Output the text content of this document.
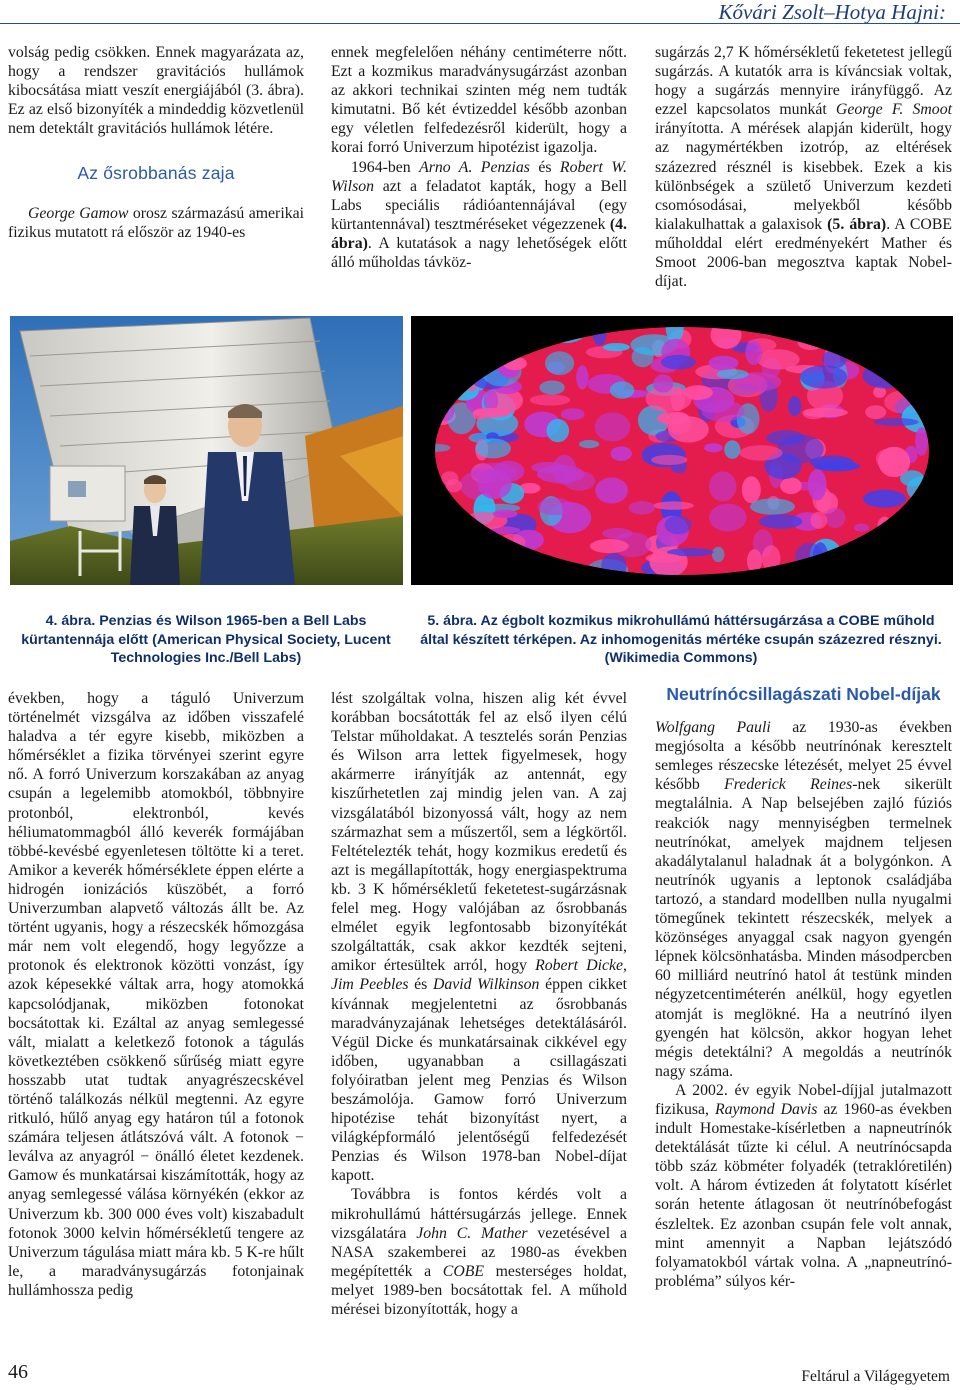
Kővári Zsolt–Hotya Hajni:

volság pedig csökken. Ennek magyarázata az, hogy a rendszer gravitációs hullámok kibocsátása miatt veszít energiájából (3. ábra). Ez az első bizonyíték a mindeddig közvetlenül nem detektált gravitációs hullámok létére.

Az ősrobbanás zaja

George Gamow orosz származású amerikai fizikus mutatott rá először az 1940-es

ennek megfelelően néhány centiméterre nőtt. Ezt a kozmikus maradványsugárzást azonban az akkori technikai szinten még nem tudták kimutatni. Bő két évtizeddel később azonban egy véletlen felfedezésről kiderült, hogy a korai forró Univerzum hipotézist igazolja.

1964-ben Arno A. Penzias és Robert W. Wilson azt a feladatot kapták, hogy a Bell Labs speciális rádióantennájával (egy kürtantennával) tesztméréseket végezzenek (4. ábra). A kutatások a nagy lehetőségek előtt álló műholdas távköz-

sugárzás 2,7 K hőmérsékletű feketetest jellegű sugárzás. A kutatók arra is kíváncsiak voltak, hogy a sugárzás mennyire irányfüggő. Az ezzel kapcsolatos munkát George F. Smoot irányította. A mérések alapján kiderült, hogy az nagymértékben izotróp, az eltérések százezred résznél is kisebbek. Ezek a kis különbségek a születő Univerzum kezdeti csomósodásai, melyekből később kialakulhattak a galaxisok (5. ábra). A COBE műholddal elért eredményekért Mather és Smoot 2006-ban megosztva kaptak Nobel-díjat.

4. ábra. Penzias és Wilson 1965-ben a Bell Labs kürtantennája előtt (American Physical Society, Lucent Technologies Inc./Bell Labs)
5. ábra. Az égbolt kozmikus mikrohullámú háttérsugárzása a COBE műhold által készített térképen. Az inhomogenitás mértéke csupán százezred résznyi. (Wikimedia Commons)

években, hogy a táguló Univerzum történelmét vizsgálva az időben visszafelé haladva a tér egyre kisebb, miközben a hőmérséklet a fizika törvényei szerint egyre nő. A forró Univerzum korszakában az anyag csupán a legelemibb atomokból, többnyire protonból, elektronból, kevés héliumatommagból álló keverék formájában többé-kevésbé egyenletesen töltötte ki a teret. Amikor a keverék hőmérséklete éppen elérte a hidrogén ionizációs küszöbét, a forró Univerzumban alapvető változás állt be. Az történt ugyanis, hogy a részecskék hőmozgása már nem volt elegendő, hogy legyőzze a protonok és elektronok közötti vonzást, így azok képesekké váltak arra, hogy atomokká kapcsolódjanak, miközben fotonokat bocsátottak ki. Ezáltal az anyag semlegessé vált, mialatt a keletkező fotonok a tágulás következtében csökkenő sűrűség miatt egyre hosszabb utat tudtak anyagrészecskével történő találkozás nélkül megtenni. Az egyre ritkuló, hűlő anyag egy határon túl a fotonok számára teljesen átlátszóvá vált. A fotonok − leválva az anyagról − önálló életet kezdenek. Gamow és munkatársai kiszámították, hogy az anyag semlegessé válása környékén (ekkor az Univerzum kb. 300 000 éves volt) kiszabadult fotonok 3000 kelvin hőmérsékletű tengere az Univerzum tágulása miatt mára kb. 5 K-re hűlt le, a maradványsugárzás fotonjainak hullámhossza pedig

lést szolgáltak volna, hiszen alig két évvel korábban bocsátották fel az első ilyen célú Telstar műholdakat. A tesztelés során Penzias és Wilson arra lettek figyelmesek, hogy akármerre irányítják az antennát, egy kiszűrhetetlen zaj mindig jelen van. A zaj vizsgálatából bizonyossá vált, hogy az nem származhat sem a műszertől, sem a légkörtől. Feltételezték tehát, hogy kozmikus eredetű és azt is megállapították, hogy energiaspektruma kb. 3 K hőmérsékletű feketetest-sugárzásnak felel meg. Hogy valójában az ősrobbanás elmélet egyik legfontosabb bizonyítékát szolgáltatták, csak akkor kezdték sejteni, amikor értesültek arról, hogy Robert Dicke, Jim Peebles és David Wilkinson éppen cikket kívánnak megjelentetni az ősrobbanás maradványzajának lehetséges detektálásáról. Végül Dicke és munkatársainak cikkével egy időben, ugyanabban a csillagászati folyóiratban jelent meg Penzias és Wilson beszámolója. Gamow forró Univerzum hipotézise tehát bizonyítást nyert, a világképformáló jelentőségű felfedezését Penzias és Wilson 1978-ban Nobel-díjat kapott.

Továbbra is fontos kérdés volt a mikrohullámú háttérsugárzás jellege. Ennek vizsgálatára John C. Mather vezetésével a NASA szakemberei az 1980-as években megépítették a COBE mesterséges holdat, melyet 1989-ben bocsátottak fel. A műhold mérései bizonyították, hogy a

Neutrínócsillagászati Nobel-díjak

Wolfgang Pauli az 1930-as években megjósolta a később neutrínónak keresztelt semleges részecske létezését, melyet 25 évvel később Frederick Reines-nek sikerült megtalálnia. A Nap belsejében zajló fúziós reakciók nagy mennyiségben termelnek neutrínókat, amelyek majdnem teljesen akadálytalanul haladnak át a bolygónkon. A neutrínók ugyanis a leptonok családjába tartozó, a standard modellben nulla nyugalmi tömegűnek tekintett részecskék, melyek a közönséges anyaggal csak nagyon gyengén lépnek kölcsönhatásba. Minden másodpercben 60 milliárd neutrínó hatol át testünk minden négyzetcentiméterén anélkül, hogy egyetlen atomját is meglökné. Ha a neutrínó ilyen gyengén hat kölcsön, akkor hogyan lehet mégis detektálni? A megoldás a neutrínók nagy száma.

A 2002. év egyik Nobel-díjjal jutalmazott fizikusa, Raymond Davis az 1960-as években indult Homestake-kísérletben a napneutrínók detektálását tűzte ki célul. A neutrínócsapda több száz köbméter folyadék (tetraklóretilén) volt. A három évtizeden át folytatott kísérlet során hetente átlagosan öt neutrínóbefogást észleltek. Ez azonban csupán fele volt annak, mint amennyit a Napban lejátszódó folyamatokból vártak volna. A „napneutrínó-probléma” súlyos kér-

46	Feltárul a Világegyetem
